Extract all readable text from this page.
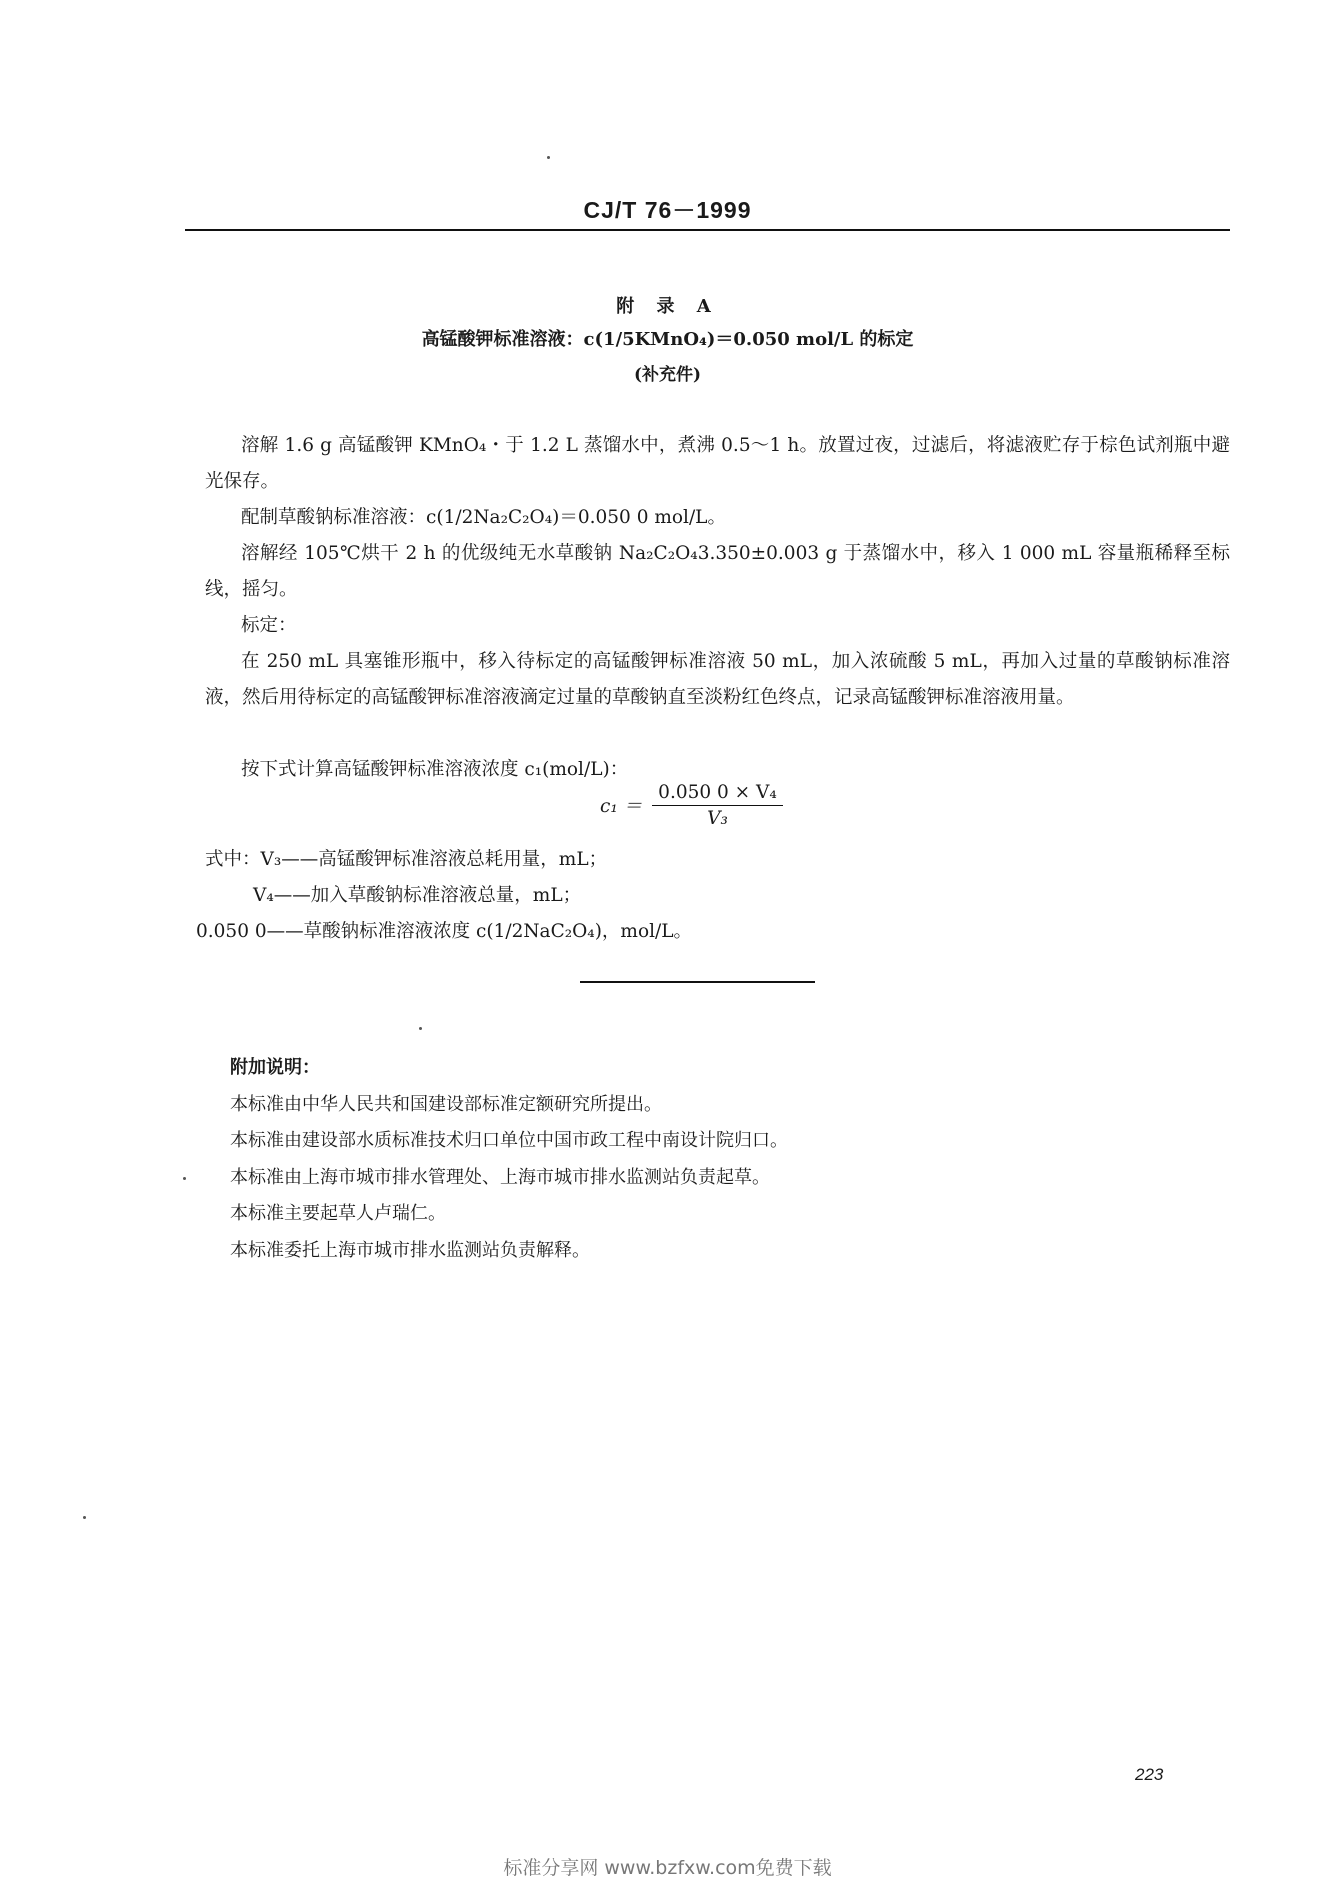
CJ/T 76－1999
附 录 A
高锰酸钾标准溶液：c(1/5KMnO₄)＝0.050 mol/L 的标定
(补充件)
溶解 1.6 g 高锰酸钾 KMnO₄・于 1.2 L 蒸馏水中，煮沸 0.5～1 h。放置过夜，过滤后，将滤液贮存于棕色试剂瓶中避光保存。
配制草酸钠标准溶液：c(1/2Na₂C₂O₄)＝0.050 0 mol/L。
溶解经 105℃烘干 2 h 的优级纯无水草酸钠 Na₂C₂O₄3.350±0.003 g 于蒸馏水中，移入 1 000 mL 容量瓶稀释至标线，摇匀。
标定：
在 250 mL 具塞锥形瓶中，移入待标定的高锰酸钾标准溶液 50 mL，加入浓硫酸 5 mL，再加入过量的草酸钠标准溶液，然后用待标定的高锰酸钾标准溶液滴定过量的草酸钠直至淡粉红色终点，记录高锰酸钾标准溶液用量。
按下式计算高锰酸钾标准溶液浓度 c₁(mol/L)：
$c_1 = \frac{\text{0.050 0 × V₄}}{\text{V₃}}$
式中：V₃——高锰酸钾标准溶液总耗用量，mL；
V₄——加入草酸钠标准溶液总量，mL；
0.050 0——草酸钠标准溶液浓度 c(1/2NaC₂O₄)，mol/L。
附加说明：
本标准由中华人民共和国建设部标准定额研究所提出。
本标准由建设部水质标准技术归口单位中国市政工程中南设计院归口。
本标准由上海市城市排水管理处、上海市城市排水监测站负责起草。
本标准主要起草人卢瑞仁。
本标准委托上海市城市排水监测站负责解释。
223
标准分享网 www.bzfxw.com免费下载
